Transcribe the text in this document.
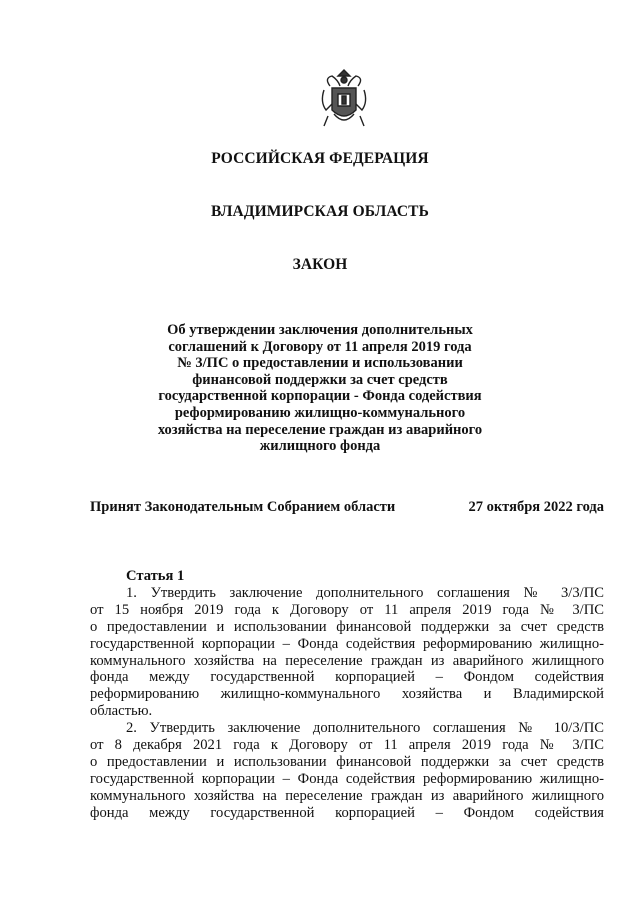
РОССИЙСКАЯ ФЕДЕРАЦИЯ
ВЛАДИМИРСКАЯ ОБЛАСТЬ
ЗАКОН
Об утверждении заключения дополнительных
соглашений к Договору от 11 апреля 2019 года
№ 3/ПС о предоставлении и использовании
финансовой поддержки за счет средств
государственной корпорации - Фонда содействия
реформированию жилищно-коммунального
хозяйства на переселение граждан из аварийного
жилищного фонда
Принят Законодательным Собранием области	27 октября 2022 года
Статья 1
1. Утвердить заключение дополнительного соглашения № 3/3/ПС
от 15 ноября 2019 года к Договору от 11 апреля 2019 года № 3/ПС
о предоставлении и использовании финансовой поддержки за счет средств
государственной корпорации – Фонда содействия реформированию жилищно-
коммунального хозяйства на переселение граждан из аварийного жилищного
фонда между государственной корпорацией – Фондом содействия
реформированию жилищно-коммунального хозяйства и Владимирской
областью.
2. Утвердить заключение дополнительного соглашения № 10/3/ПС
от 8 декабря 2021 года к Договору от 11 апреля 2019 года № 3/ПС
о предоставлении и использовании финансовой поддержки за счет средств
государственной корпорации – Фонда содействия реформированию жилищно-
коммунального хозяйства на переселение граждан из аварийного жилищного
фонда между государственной корпорацией – Фондом содействия
